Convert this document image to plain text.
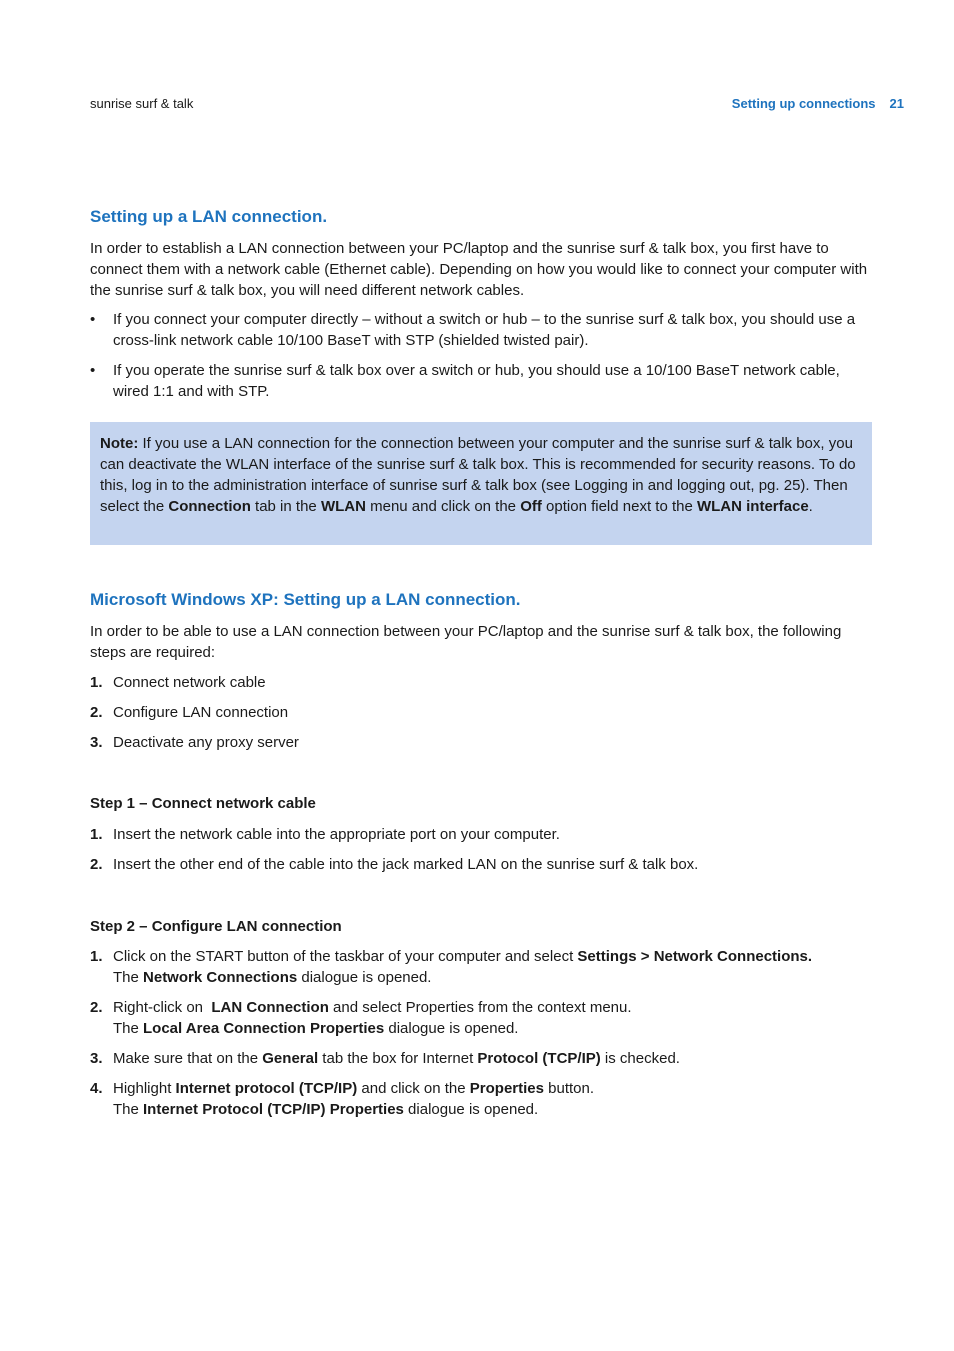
sunrise surf & talk	Setting up connections 21
Setting up a LAN connection.

In order to establish a LAN connection between your PC/laptop and the sunrise surf & talk box, you first have to connect them with a network cable (Ethernet cable). Depending on how you would like to connect your computer with the sunrise surf & talk box, you will need different network cables.

• If you connect your computer directly – without a switch or hub – to the sunrise surf & talk box, you should use a cross-link network cable 10/100 BaseT with STP (shielded twisted pair).
• If you operate the sunrise surf & talk box over a switch or hub, you should use a 10/100 BaseT network cable, wired 1:1 and with STP.
Note: If you use a LAN connection for the connection between your computer and the sunrise surf & talk box, you can deactivate the WLAN interface of the sunrise surf & talk box. This is recommended for security reasons. To do this, log in to the administration interface of sunrise surf & talk box (see Logging in and logging out, pg. 25). Then select the Connection tab in the WLAN menu and click on the Off option field next to the WLAN interface.
Microsoft Windows XP: Setting up a LAN connection.

In order to be able to use a LAN connection between your PC/laptop and the sunrise surf & talk box, the following steps are required:

1. Connect network cable
2. Configure LAN connection
3. Deactivate any proxy server
Step 1 – Connect network cable
1. Insert the network cable into the appropriate port on your computer.
2. Insert the other end of the cable into the jack marked LAN on the sunrise surf & talk box.
Step 2 – Configure LAN connection
1. Click on the START button of the taskbar of your computer and select Settings > Network Connections.
The Network Connections dialogue is opened.
2. Right-click on  LAN Connection and select Properties from the context menu.
The Local Area Connection Properties dialogue is opened.
3. Make sure that on the General tab the box for Internet Protocol (TCP/IP) is checked.
4. Highlight Internet protocol (TCP/IP) and click on the Properties button.
The Internet Protocol (TCP/IP) Properties dialogue is opened.
